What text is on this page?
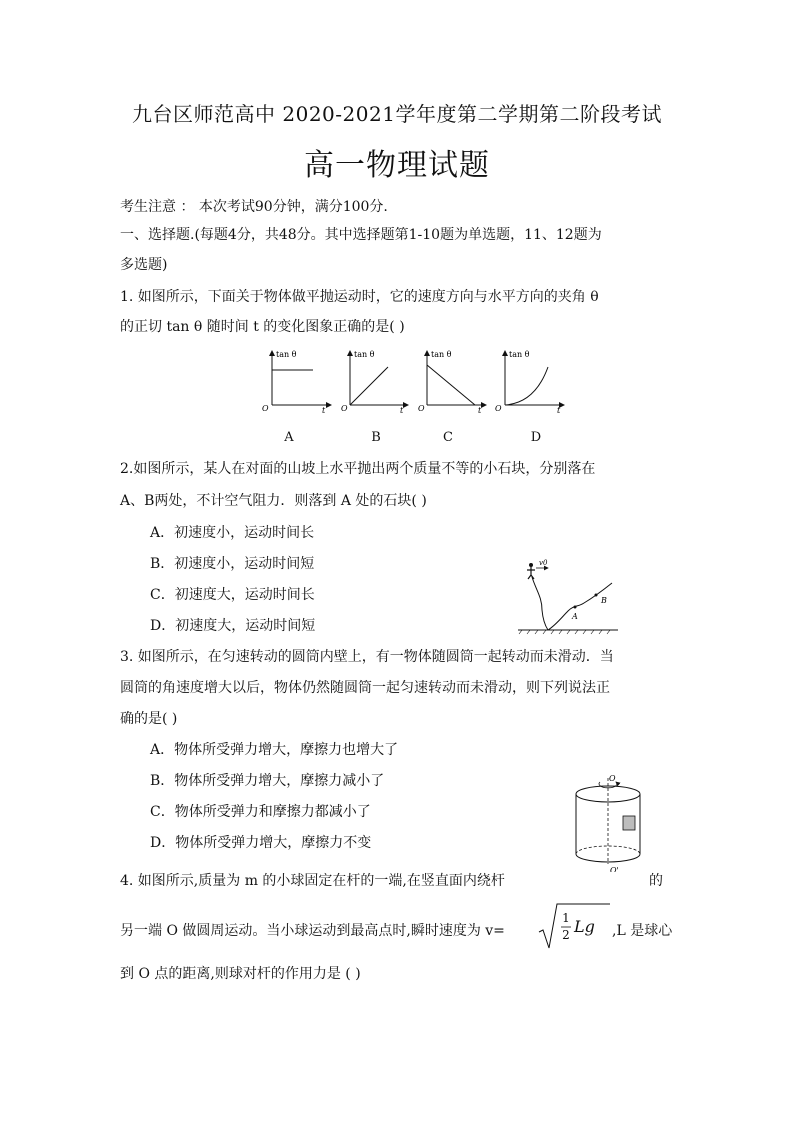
九台区师范高中 2020-2021学年度第二学期第二阶段考试
高一物理试题
考生注意 ： 本次考试90分钟，满分100分.
一、选择题.(每题4分，共48分。其中选择题第1-10题为单选题，11、12题为
多选题)
1. 如图所示，下面关于物体做平抛运动时，它的速度方向与水平方向的夹角 θ
的正切 tan θ 随时间 t 的变化图象正确的是( )
tan θ
O	t
tan θ
O	t
tan θ
O	t
tan θ
O	t
A	B	C	D
2.如图所示，某人在对面的山坡上水平抛出两个质量不等的小石块，分别落在
A、B两处，不计空气阻力．则落到 A 处的石块( )
A．初速度小，运动时间长
B．初速度小，运动时间短
C．初速度大，运动时间长
D．初速度大，运动时间短
v0
A
B
3. 如图所示，在匀速转动的圆筒内壁上，有一物体随圆筒一起转动而未滑动．当
圆筒的角速度增大以后，物体仍然随圆筒一起匀速转动而未滑动，则下列说法正
确的是( )
A．物体所受弹力增大，摩擦力也增大了
B．物体所受弹力增大，摩擦力减小了
C．物体所受弹力和摩擦力都减小了
D．物体所受弹力增大，摩擦力不变
O
O'
4. 如图所示,质量为 m 的小球固定在杆的一端,在竖直面内绕杆	的
另一端 O 做圆周运动。当小球运动到最高点时,瞬时速度为 v=
1
2 Lg ,L 是球心
到 O 点的距离,则球对杆的作用力是 ( )
